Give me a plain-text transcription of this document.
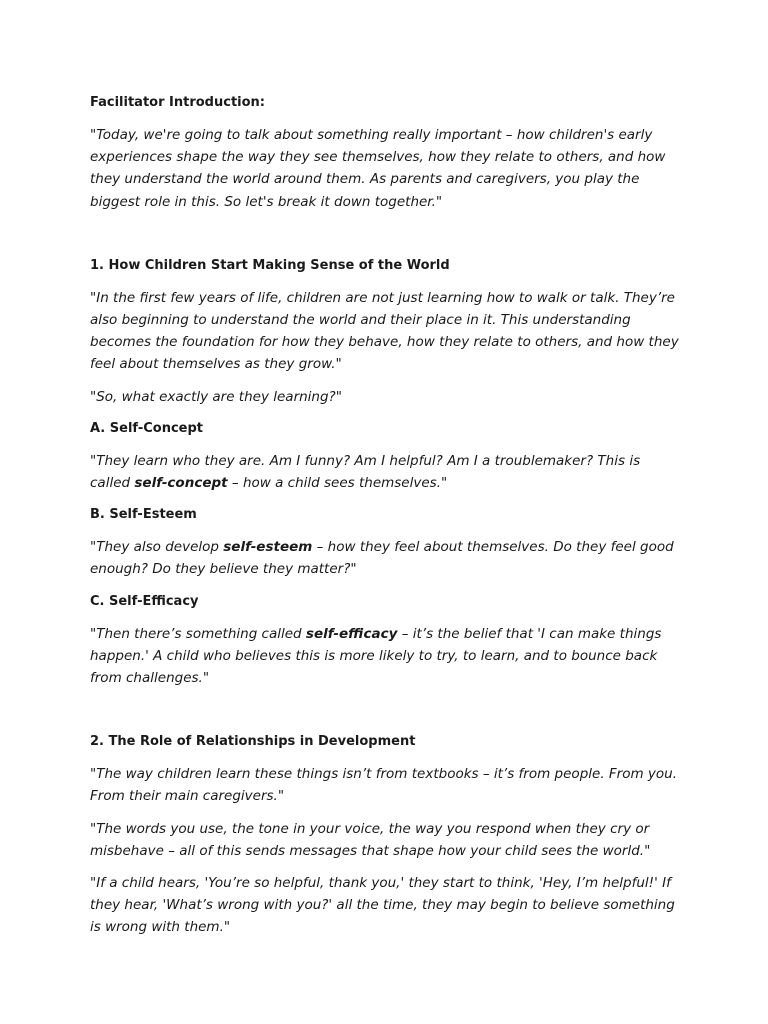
Facilitator Introduction:

"Today, we're going to talk about something really important – how children's early experiences shape the way they see themselves, how they relate to others, and how they understand the world around them. As parents and caregivers, you play the biggest role in this. So let's break it down together."

1. How Children Start Making Sense of the World

"In the first few years of life, children are not just learning how to walk or talk. They’re also beginning to understand the world and their place in it. This understanding becomes the foundation for how they behave, how they relate to others, and how they feel about themselves as they grow."

"So, what exactly are they learning?"

A. Self-Concept

"They learn who they are. Am I funny? Am I helpful? Am I a troublemaker? This is called self-concept – how a child sees themselves."

B. Self-Esteem

"They also develop self-esteem – how they feel about themselves. Do they feel good enough? Do they believe they matter?"

C. Self-Efficacy

"Then there’s something called self-efficacy – it’s the belief that 'I can make things happen.' A child who believes this is more likely to try, to learn, and to bounce back from challenges."

2. The Role of Relationships in Development

"The way children learn these things isn’t from textbooks – it’s from people. From you. From their main caregivers."

"The words you use, the tone in your voice, the way you respond when they cry or misbehave – all of this sends messages that shape how your child sees the world."

"If a child hears, 'You’re so helpful, thank you,' they start to think, 'Hey, I’m helpful!' If they hear, 'What’s wrong with you?' all the time, they may begin to believe something is wrong with them."
